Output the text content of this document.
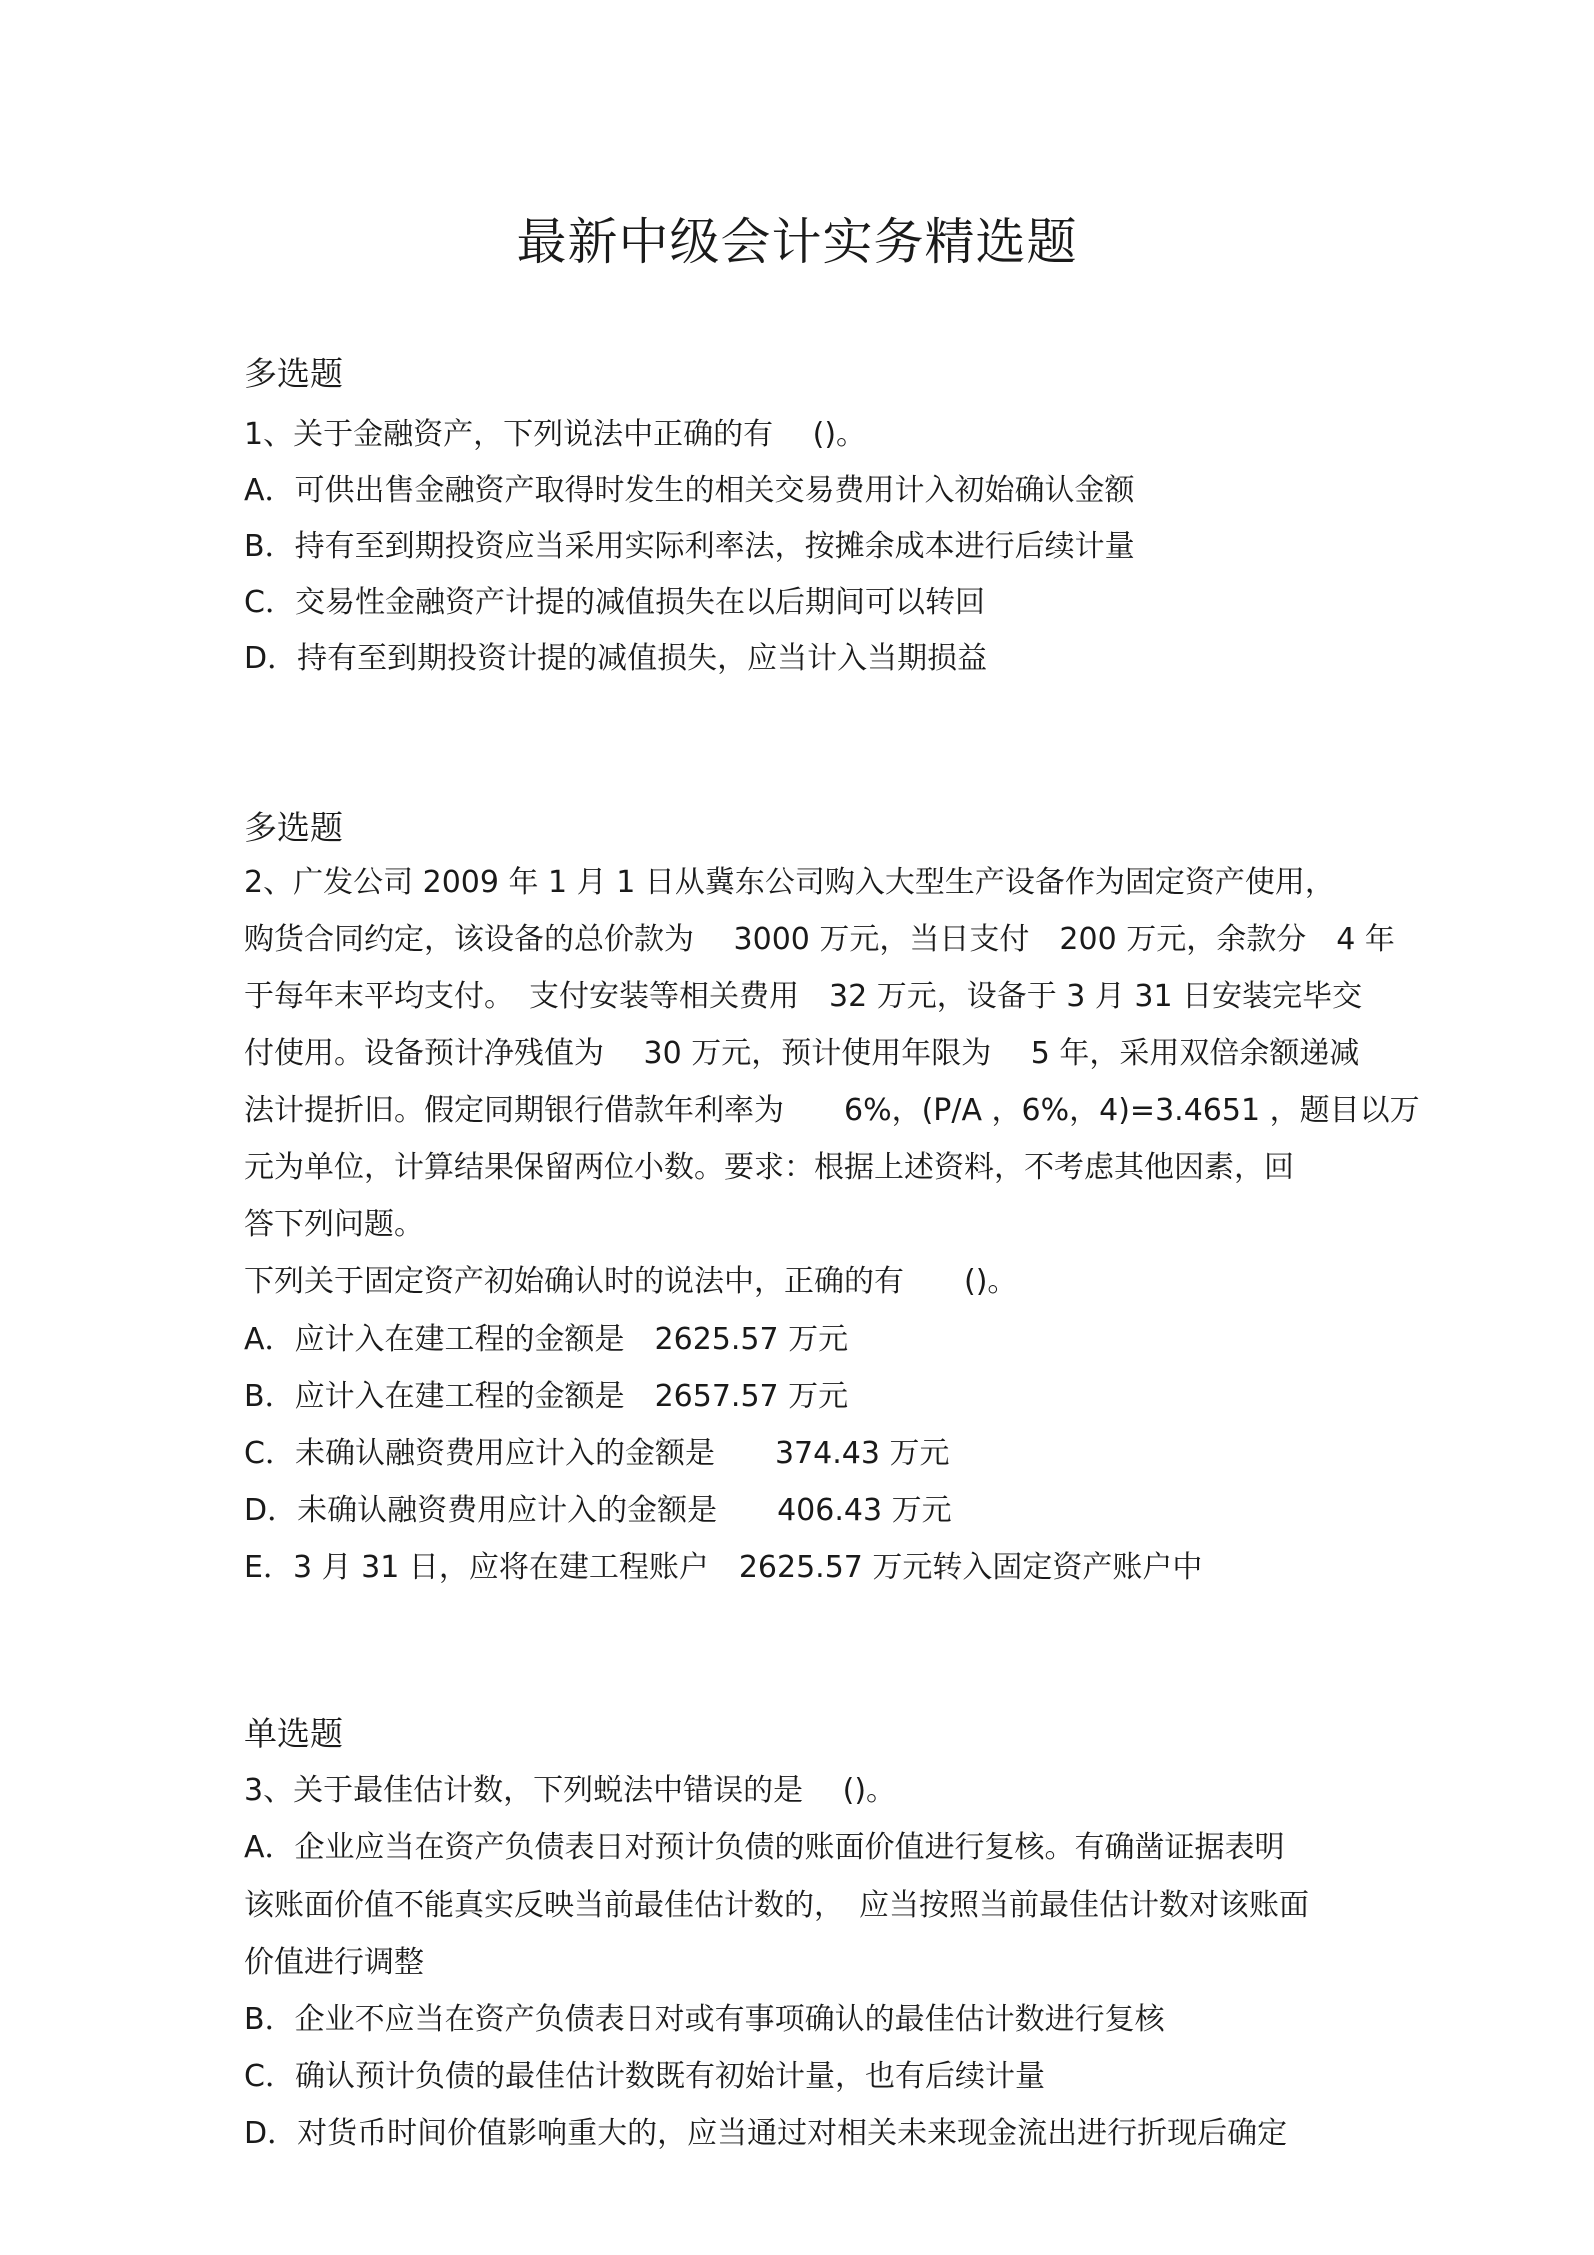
最新中级会计实务精选题
多选题
1、关于金融资产，下列说法中正确的有　 ()。
A．可供出售金融资产取得时发生的相关交易费用计入初始确认金额
B．持有至到期投资应当采用实际利率法，按摊余成本进行后续计量
C．交易性金融资产计提的减值损失在以后期间可以转回
D．持有至到期投资计提的减值损失，应当计入当期损益
多选题
2、广发公司 2009 年 1 月 1 日从冀东公司购入大型生产设备作为固定资产使用，
购货合同约定，该设备的总价款为　 3000 万元，当日支付　200 万元，余款分　4 年
于每年末平均支付。　支付安装等相关费用　32 万元，设备于 3 月 31 日安装完毕交
付使用。设备预计净残值为　 30 万元，预计使用年限为　 5 年，采用双倍余额递减
法计提折旧。假定同期银行借款年利率为　　6%，(P/A ，6%，4)=3.4651 ，题目以万
元为单位，计算结果保留两位小数。要求：根据上述资料，不考虑其他因素，回
答下列问题。
下列关于固定资产初始确认时的说法中，正确的有　　()。
A．应计入在建工程的金额是　2625.57 万元
B．应计入在建工程的金额是　2657.57 万元
C．未确认融资费用应计入的金额是　　374.43 万元
D．未确认融资费用应计入的金额是　　406.43 万元
E．3 月 31 日，应将在建工程账户　2625.57 万元转入固定资产账户中
单选题
3、关于最佳估计数，下列蜕法中错误的是　 ()。
A．企业应当在资产负债表日对预计负债的账面价值进行复核。有确凿证据表明
该账面价值不能真实反映当前最佳估计数的，　应当按照当前最佳估计数对该账面
价值进行调整
B．企业不应当在资产负债表日对或有事项确认的最佳估计数进行复核
C．确认预计负债的最佳估计数既有初始计量，也有后续计量
D．对货币时间价值影响重大的，应当通过对相关未来现金流出进行折现后确定
